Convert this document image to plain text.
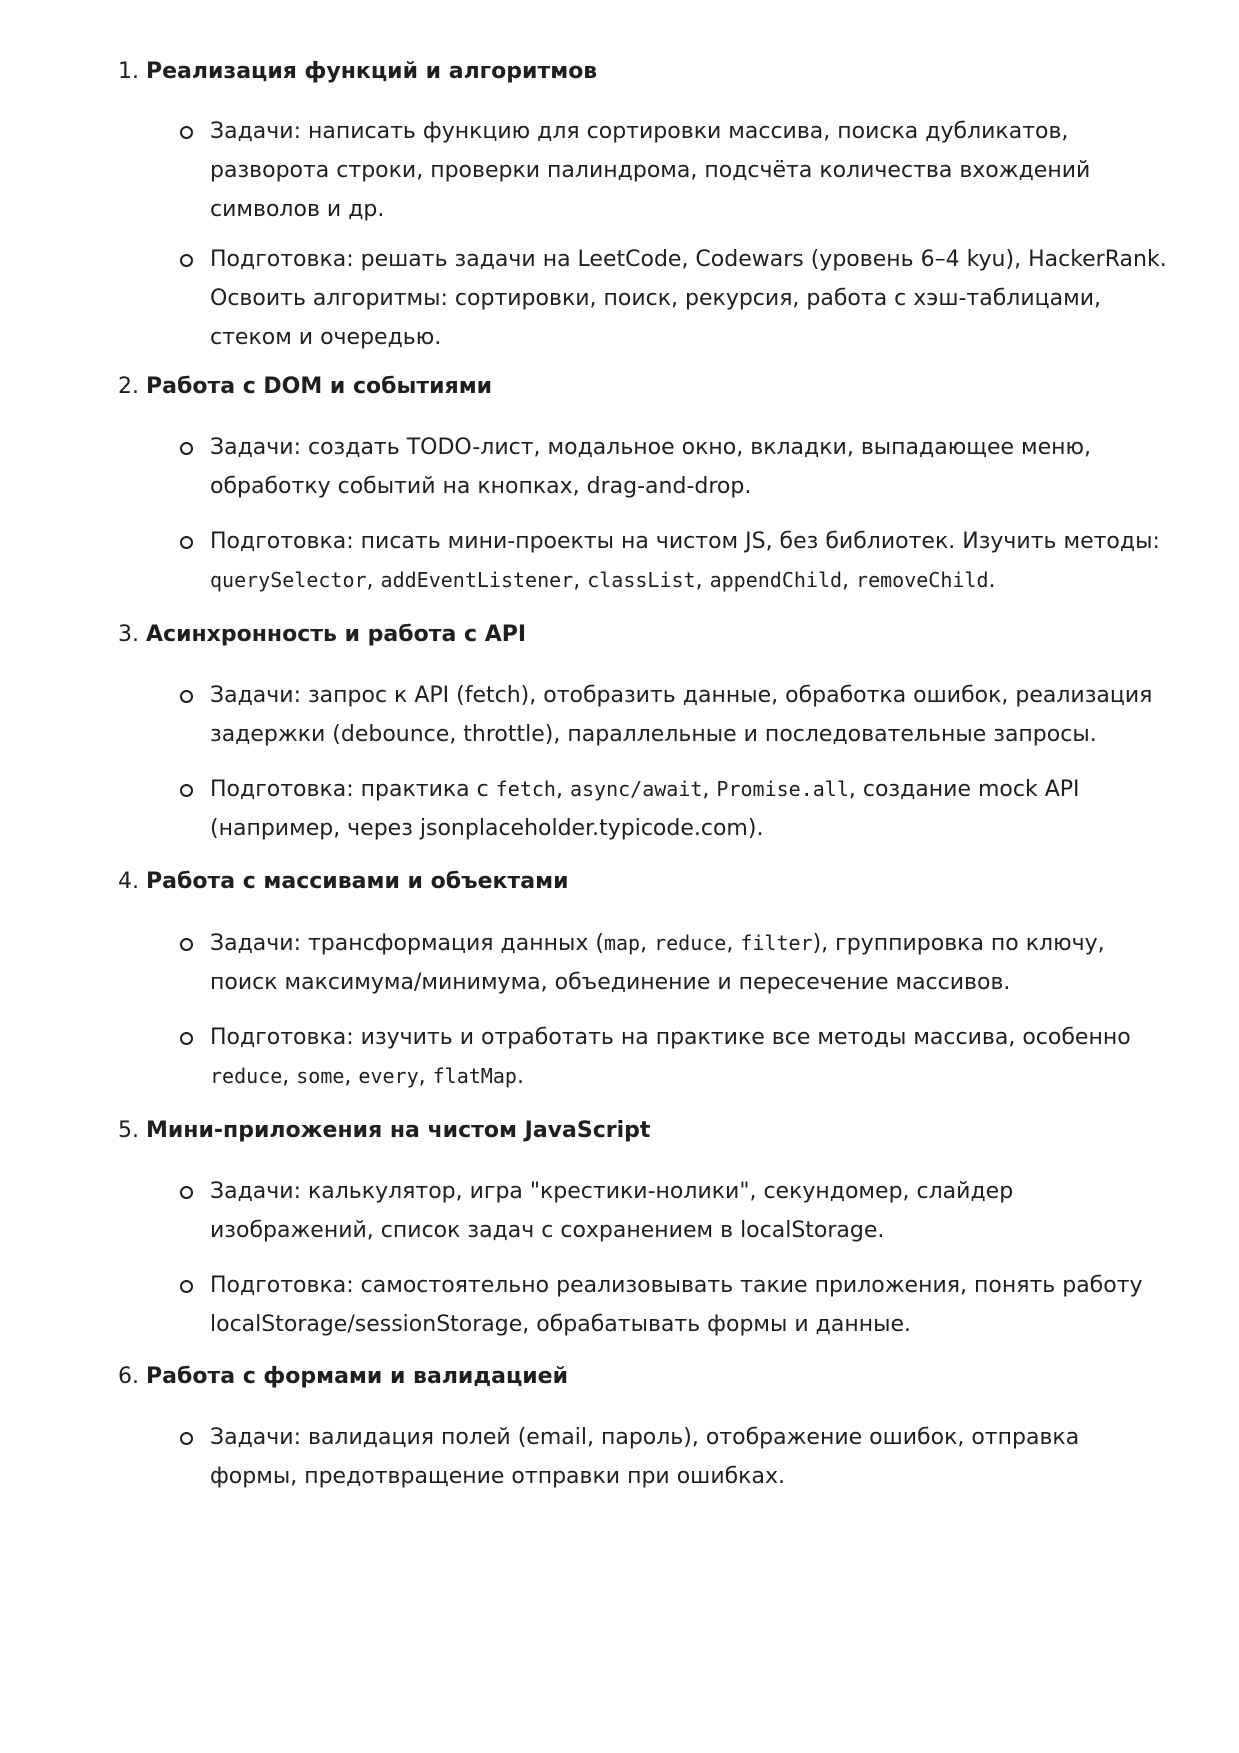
1. Реализация функций и алгоритмов
Задачи: написать функцию для сортировки массива, поиска дубликатов, разворота строки, проверки палиндрома, подсчёта количества вхождений символов и др.
Подготовка: решать задачи на LeetCode, Codewars (уровень 6–4 kyu), HackerRank. Освоить алгоритмы: сортировки, поиск, рекурсия, работа с хэш-таблицами, стеком и очередью.
2. Работа с DOM и событиями
Задачи: создать TODO-лист, модальное окно, вкладки, выпадающее меню, обработку событий на кнопках, drag-and-drop.
Подготовка: писать мини-проекты на чистом JS, без библиотек. Изучить методы: querySelector, addEventListener, classList, appendChild, removeChild.
3. Асинхронность и работа с API
Задачи: запрос к API (fetch), отобразить данные, обработка ошибок, реализация задержки (debounce, throttle), параллельные и последовательные запросы.
Подготовка: практика с fetch, async/await, Promise.all, создание mock API (например, через jsonplaceholder.typicode.com).
4. Работа с массивами и объектами
Задачи: трансформация данных (map, reduce, filter), группировка по ключу, поиск максимума/минимума, объединение и пересечение массивов.
Подготовка: изучить и отработать на практике все методы массива, особенно reduce, some, every, flatMap.
5. Мини-приложения на чистом JavaScript
Задачи: калькулятор, игра "крестики-нолики", секундомер, слайдер изображений, список задач с сохранением в localStorage.
Подготовка: самостоятельно реализовывать такие приложения, понять работу localStorage/sessionStorage, обрабатывать формы и данные.
6. Работа с формами и валидацией
Задачи: валидация полей (email, пароль), отображение ошибок, отправка формы, предотвращение отправки при ошибках.
